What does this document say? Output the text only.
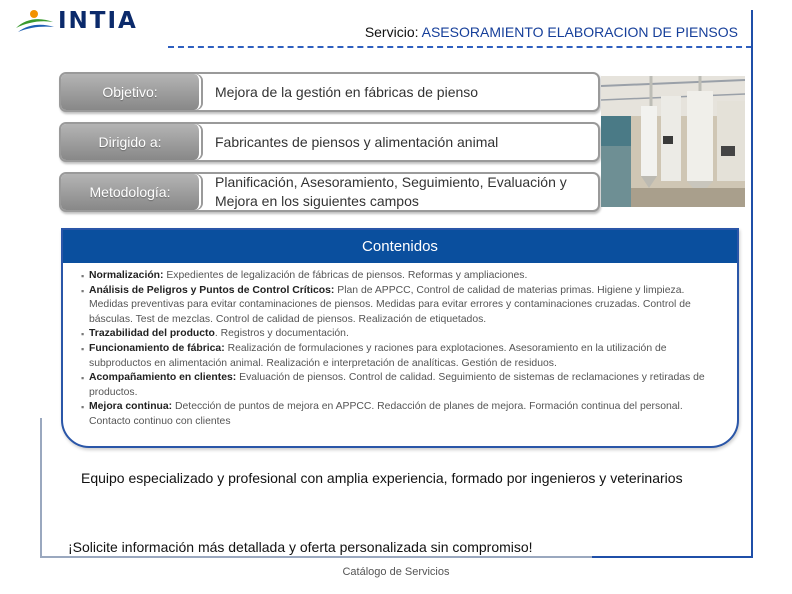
INTIA	Servicio: ASESORAMIENTO ELABORACION DE PIENSOS
Objetivo:	Mejora de la gestión en fábricas de pienso
Dirigido a:	Fabricantes de piensos y alimentación animal
Metodología:
Planificación, Asesoramiento, Seguimiento, Evaluación y Mejora en los siguientes campos
Contenidos
▪ Normalización: Expedientes de legalización de fábricas de piensos. Reformas y ampliaciones.
▪ Análisis de Peligros y Puntos de Control Críticos: Plan de APPCC, Control de calidad de materias primas. Higiene y limpieza. Medidas preventivas para evitar contaminaciones de piensos. Medidas para evitar errores y contaminaciones cruzadas. Control de básculas. Test de mezclas. Control de calidad de piensos. Realización de etiquetados.
▪ Trazabilidad del producto. Registros y documentación.
▪ Funcionamiento de fábrica: Realización de formulaciones y raciones para explotaciones. Asesoramiento en la utilización de subproductos en alimentación animal. Realización e interpretación de analíticas. Gestión de residuos.
▪ Acompañamiento en clientes: Evaluación de piensos. Control de calidad. Seguimiento de sistemas de reclamaciones y retiradas de productos.
▪ Mejora continua: Detección de puntos de mejora en APPCC. Redacción de planes de mejora. Formación continua del personal. Contacto continuo con clientes
Equipo especializado y profesional con amplia experiencia, formado por ingenieros y veterinarios
¡Solicite información más detallada y oferta personalizada sin compromiso!
Catálogo de Servicios
